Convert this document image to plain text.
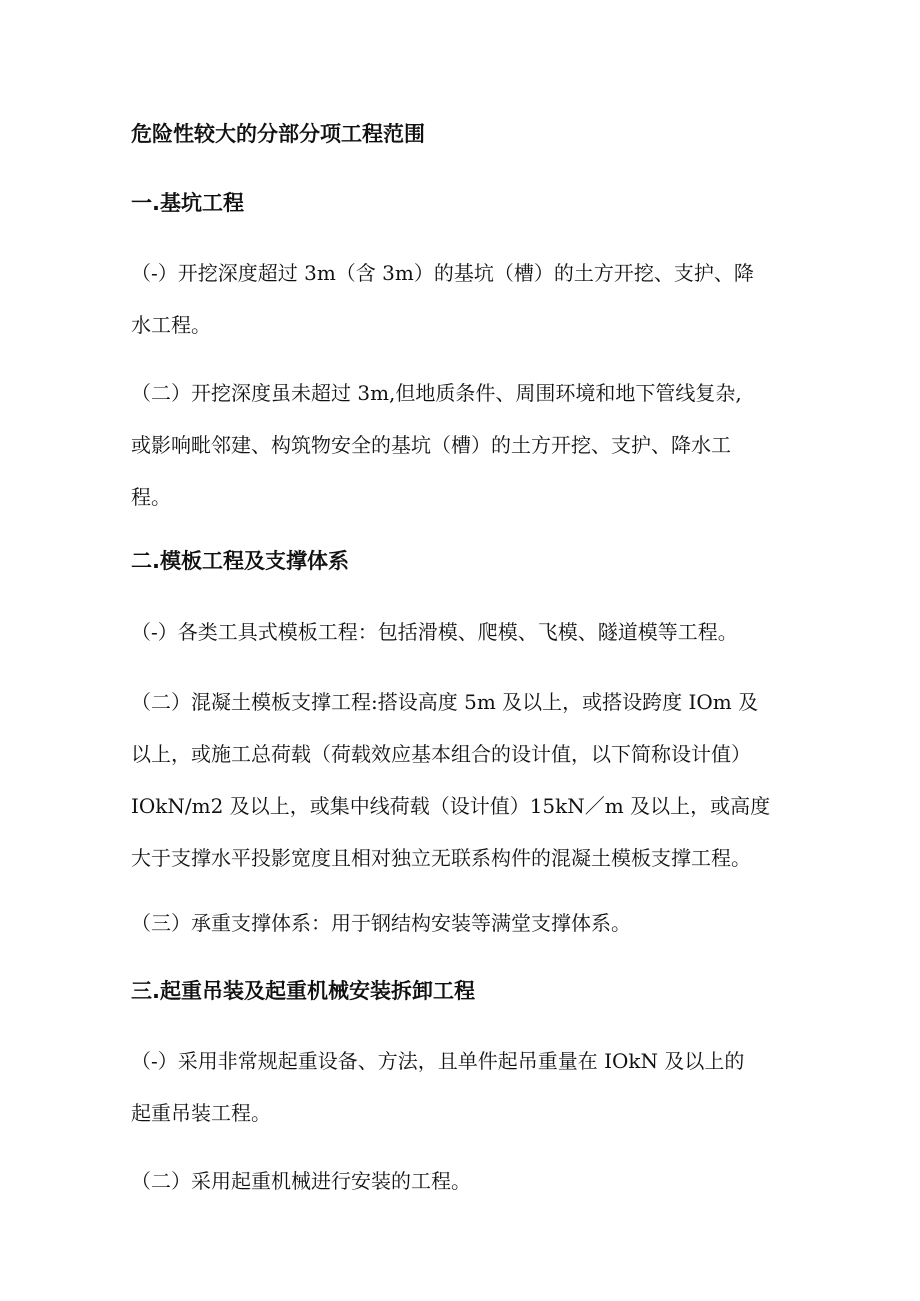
危险性较大的分部分项工程范围
一.基坑工程
（-）开挖深度超过 3m（含 3m）的基坑（槽）的土方开挖、支护、降
水工程。
（二）开挖深度虽未超过 3m,但地质条件、周围环境和地下管线复杂,
或影响毗邻建、构筑物安全的基坑（槽）的土方开挖、支护、降水工
程。
二.模板工程及支撑体系
（-）各类工具式模板工程：包括滑模、爬模、飞模、隧道模等工程。
（二）混凝土模板支撑工程:搭设高度 5m 及以上，或搭设跨度 IOm 及
以上，或施工总荷载（荷载效应基本组合的设计值，以下简称设计值）
IOkN/m2 及以上，或集中线荷载（设计值）15kN／m 及以上，或高度
大于支撑水平投影宽度且相对独立无联系构件的混凝土模板支撑工程。
（三）承重支撑体系：用于钢结构安装等满堂支撑体系。
三.起重吊装及起重机械安装拆卸工程
（-）采用非常规起重设备、方法，且单件起吊重量在 IOkN 及以上的
起重吊装工程。
（二）采用起重机械进行安装的工程。
